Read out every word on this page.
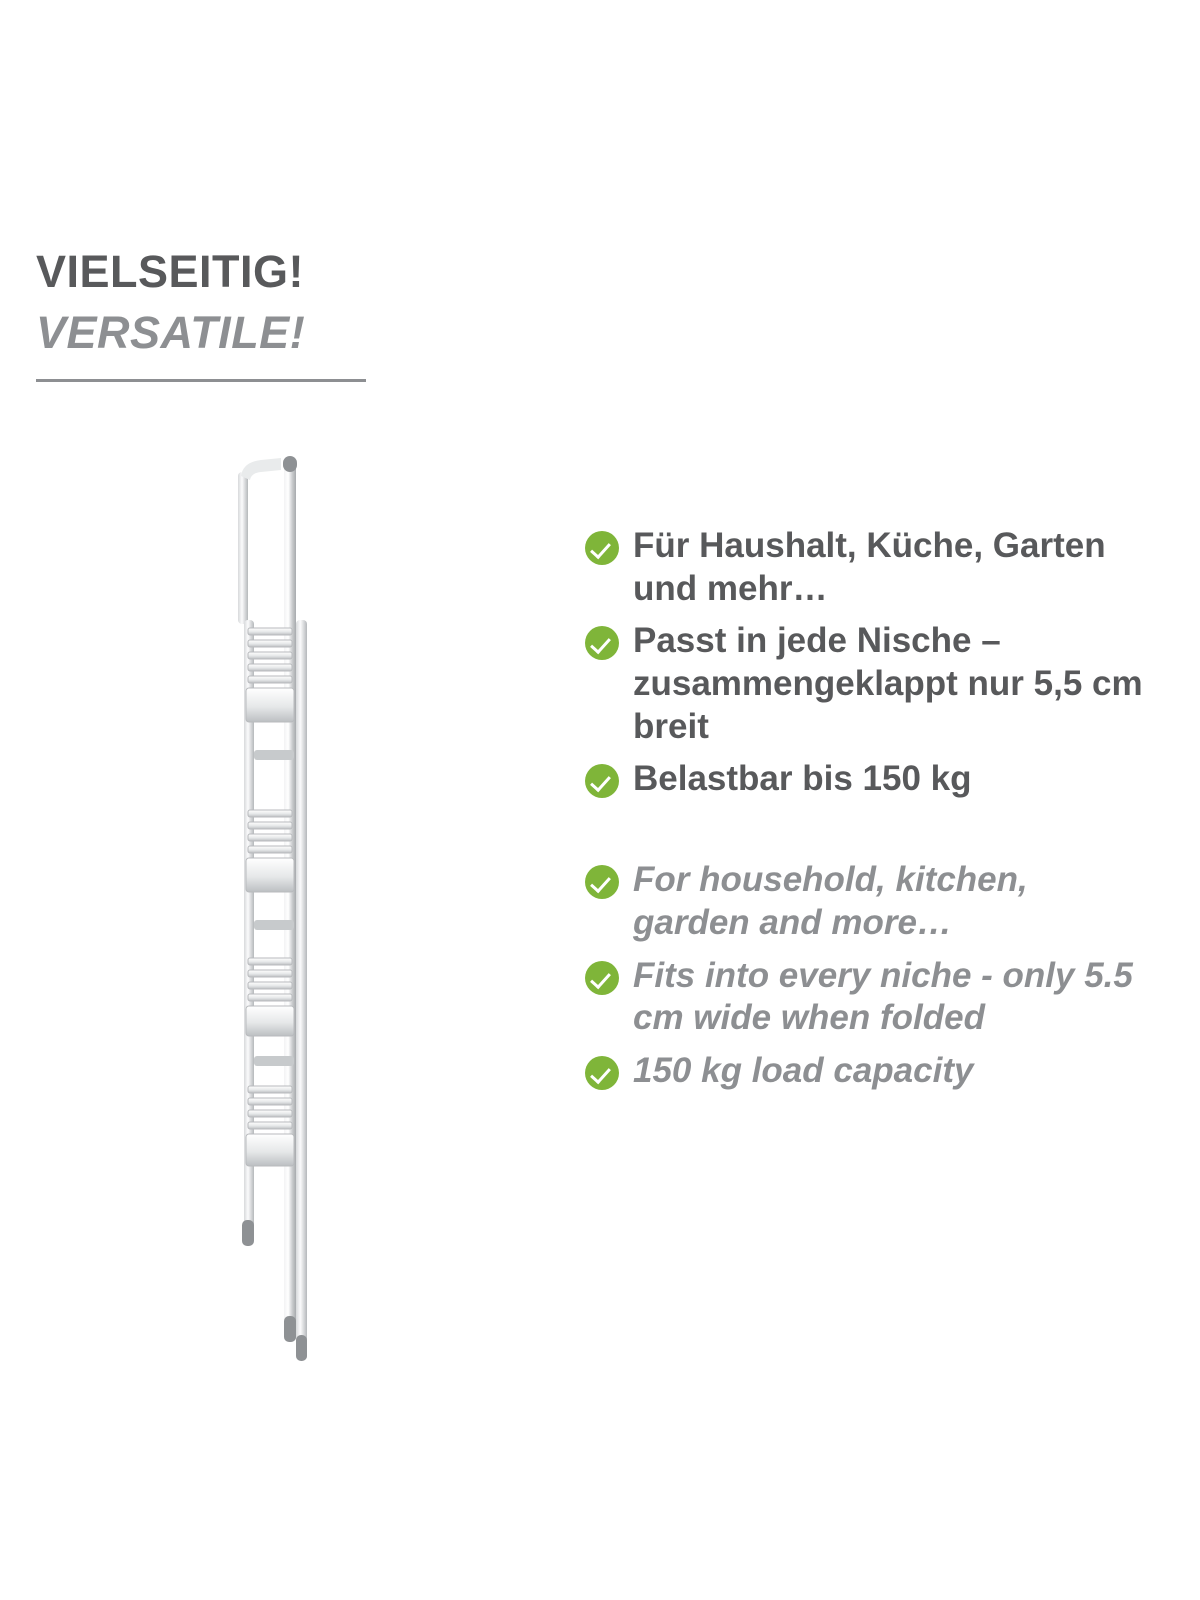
VIELSEITIG!
VERSATILE!
Für Haushalt, Küche, Garten und mehr…
Passt in jede Nische – zusammengeklappt nur 5,5 cm breit
Belastbar bis 150 kg
For household, kitchen, garden and more…
Fits into every niche - only 5.5 cm wide when folded
150 kg load capacity
